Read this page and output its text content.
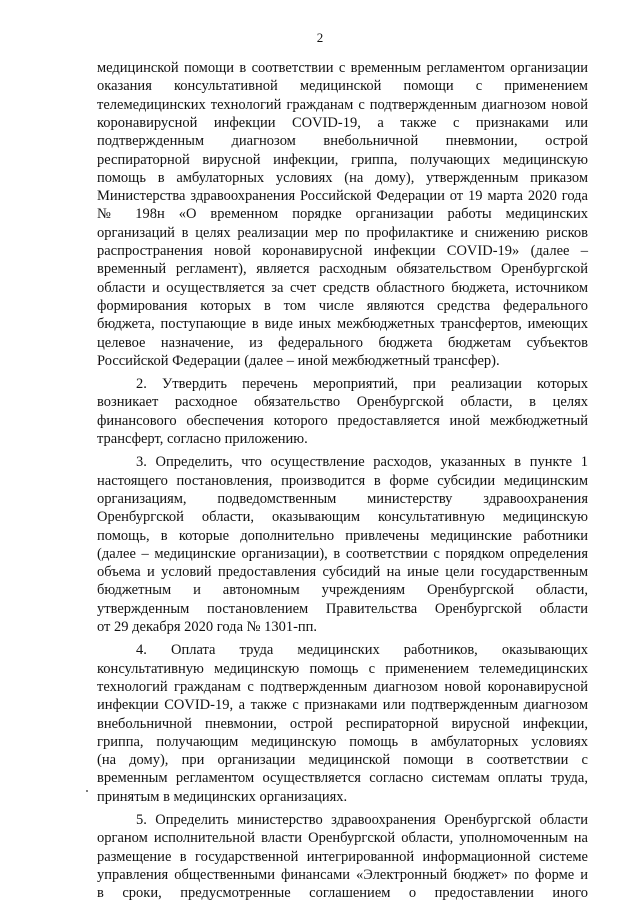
2
медицинской помощи в соответствии с временным регламентом организации
оказания консультативной медицинской помощи с применением
телемедицинских технологий гражданам с подтвержденным диагнозом новой
коронавирусной инфекции COVID-19, а также с признаками или
подтвержденным диагнозом внебольничной пневмонии, острой
респираторной вирусной инфекции, гриппа, получающих медицинскую
помощь в амбулаторных условиях (на дому), утвержденным приказом
Министерства здравоохранения Российской Федерации от 19 марта 2020 года
№ 198н «О временном порядке организации работы медицинских
организаций в целях реализации мер по профилактике и снижению рисков
распространения новой коронавирусной инфекции COVID-19» (далее –
временный регламент), является расходным обязательством Оренбургской
области и осуществляется за счет средств областного бюджета, источником
формирования которых в том числе являются средства федерального
бюджета, поступающие в виде иных межбюджетных трансфертов, имеющих
целевое назначение, из федерального бюджета бюджетам субъектов
Российской Федерации (далее – иной межбюджетный трансфер).
2. Утвердить перечень мероприятий, при реализации которых
возникает расходное обязательство Оренбургской области, в целях
финансового обеспечения которого предоставляется иной межбюджетный
трансферт, согласно приложению.
3. Определить, что осуществление расходов, указанных в пункте 1
настоящего постановления, производится в форме субсидии медицинским
организациям, подведомственным министерству здравоохранения
Оренбургской области, оказывающим консультативную медицинскую
помощь, в которые дополнительно привлечены медицинские работники
(далее – медицинские организации), в соответствии с порядком определения
объема и условий предоставления субсидий на иные цели государственным
бюджетным и автономным учреждениям Оренбургской области,
утвержденным постановлением Правительства Оренбургской области
от 29 декабря 2020 года № 1301-пп.
4. Оплата труда медицинских работников, оказывающих
консультативную медицинскую помощь с применением телемедицинских
технологий гражданам с подтвержденным диагнозом новой коронавирусной
инфекции COVID-19, а также с признаками или подтвержденным диагнозом
внебольничной пневмонии, острой респираторной вирусной инфекции,
гриппа, получающим медицинскую помощь в амбулаторных условиях
(на дому), при организации медицинской помощи в соответствии с
временным регламентом осуществляется согласно системам оплаты труда,
принятым в медицинских организациях.
5. Определить министерство здравоохранения Оренбургской области
органом исполнительной власти Оренбургской области, уполномоченным на
размещение в государственной интегрированной информационной системе
управления общественными финансами «Электронный бюджет» по форме и
в сроки, предусмотренные соглашением о предоставлении иного
